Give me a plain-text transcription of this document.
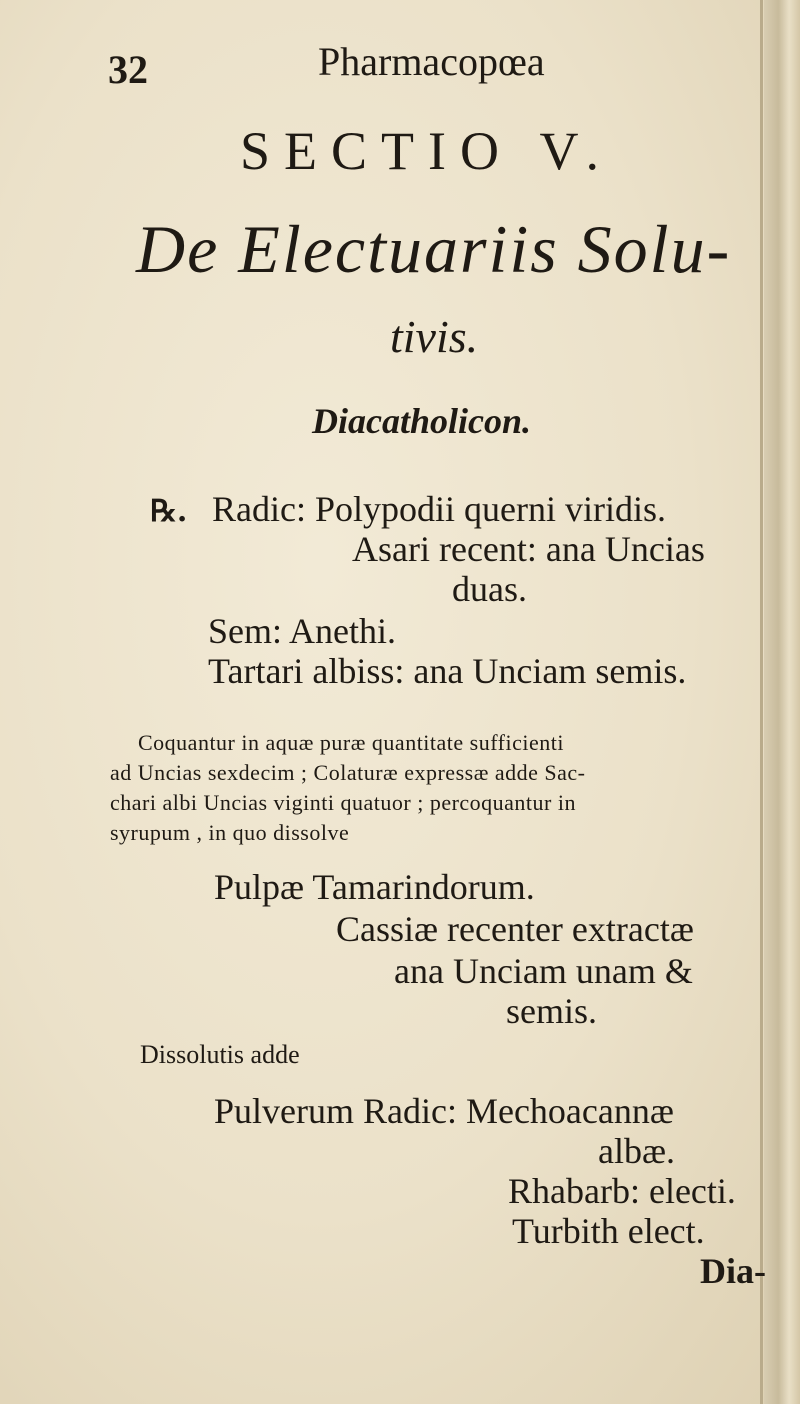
32	Pharmacopœa
SECTIO V.
De Electuariis Solu-
tivis.
Diacatholicon.
℞. Radic: Polypodii querni viridis.
Asari recent: ana Uncias
duas.
Sem: Anethi.
Tartari albiss: ana Unciam semis.
Coquantur in aquæ puræ quantitate sufficienti
ad Uncias sexdecim ; Colaturæ expressæ adde Sac-
chari albi Uncias viginti quatuor ; percoquantur in
syrupum , in quo dissolve
Pulpæ Tamarindorum.
Cassiæ recenter extractæ
ana Unciam unam &
semis.
Dissolutis adde
Pulverum Radic: Mechoacannæ
albæ.
Rhabarb: electi.
Turbith elect.
Dia-
